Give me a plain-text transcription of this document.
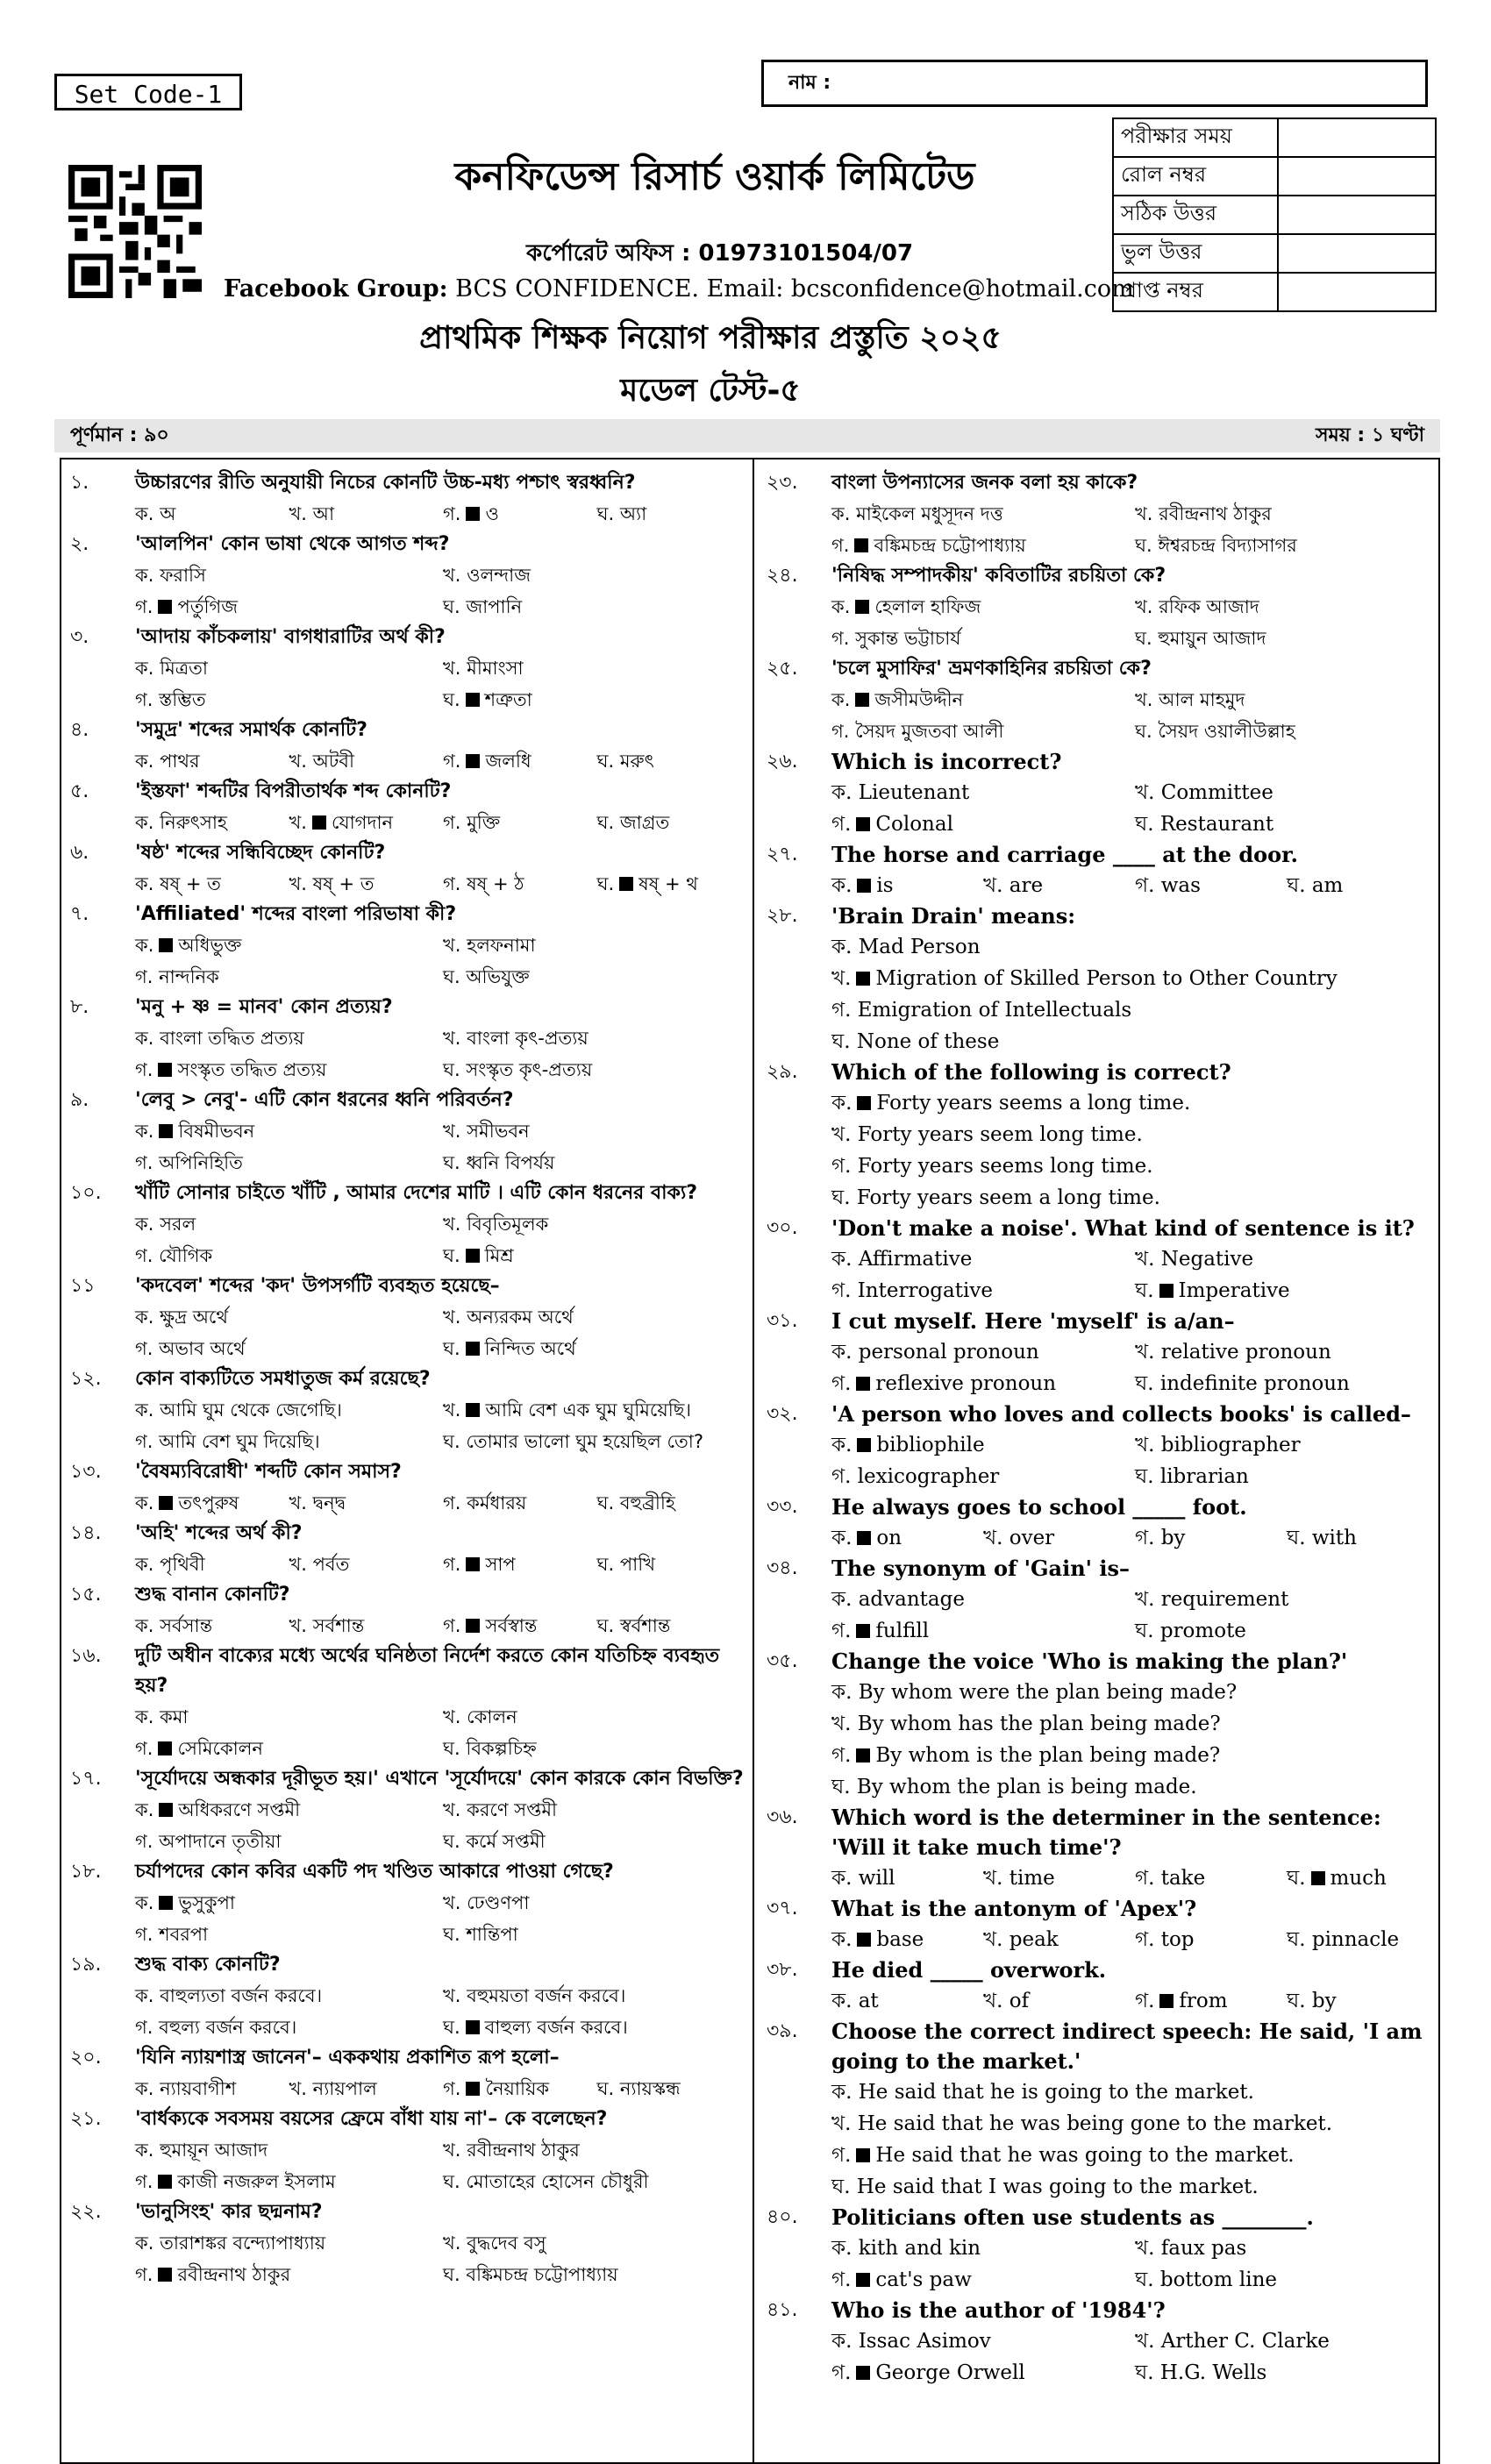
Set Code-1	নাম :
কনফিডেন্স রিসার্চ ওয়ার্ক লিমিটেড
কর্পোরেট অফিস : 01973101504/07
Facebook Group: BCS CONFIDENCE. Email: bcsconfidence@hotmail.com
প্রাথমিক শিক্ষক নিয়োগ পরীক্ষার প্রস্তুতি ২০২৫
মডেল টেস্ট-৫
পরীক্ষার সময়	
রোল নম্বর	
সঠিক উত্তর	
ভুল উত্তর	
প্রাপ্ত নম্বর	
পূর্ণমান : ৯০	সময় : ১ ঘণ্টা
১.	উচ্চারণের রীতি অনুযায়ী নিচের কোনটি উচ্চ-মধ্য পশ্চাৎ স্বরধ্বনি?
ক. অ	খ. আ	গ. ও	ঘ. অ্যা
২.	'আলপিন' কোন ভাষা থেকে আগত শব্দ?
ক. ফরাসি	খ. ওলন্দাজ
গ. পর্তুগিজ	ঘ. জাপানি
৩.	'আদায় কাঁচকলায়' বাগধারাটির অর্থ কী?
ক. মিত্রতা	খ. মীমাংসা
গ. স্তম্ভিত	ঘ. শত্রুতা
৪.	'সমুদ্র' শব্দের সমার্থক কোনটি?
ক. পাথর	খ. অটবী	গ. জলধি	ঘ. মরুৎ
৫.	'ইস্তফা' শব্দটির বিপরীতার্থক শব্দ কোনটি?
ক. নিরুৎসাহ	খ. যোগদান	গ. মুক্তি	ঘ. জাগ্রত
৬.	'ষষ্ঠ' শব্দের সন্ধিবিচ্ছেদ কোনটি?
ক. ষষ্ + ত	খ. ষষ্ + ত	গ. ষষ্ + ঠ	ঘ. ষষ্ + থ
৭.	'Affiliated' শব্দের বাংলা পরিভাষা কী?
ক. অধিভুক্ত	খ. হলফনামা
গ. নান্দনিক	ঘ. অভিযুক্ত
৮.	'মনু + ষ্ণ = মানব' কোন প্রত্যয়?
ক. বাংলা তদ্ধিত প্রত্যয়	খ. বাংলা কৃৎ-প্রত্যয়
গ. সংস্কৃত তদ্ধিত প্রত্যয়	ঘ. সংস্কৃত কৃৎ-প্রত্যয়
৯.	'লেবু > নেবু'- এটি কোন ধরনের ধ্বনি পরিবর্তন?
ক. বিষমীভবন	খ. সমীভবন
গ. অপিনিহিতি	ঘ. ধ্বনি বিপর্যয়
১০.	খাঁটি সোনার চাইতে খাঁটি , আমার দেশের মাটি । এটি কোন ধরনের বাক্য?
ক. সরল	খ. বিবৃতিমূলক
গ. যৌগিক	ঘ. মিশ্র
১১	'কদবেল' শব্দের 'কদ' উপসর্গটি ব্যবহৃত হয়েছে–
ক. ক্ষুদ্র অর্থে	খ. অন্যরকম অর্থে
গ. অভাব অর্থে	ঘ. নিন্দিত অর্থে
১২.	কোন বাক্যটিতে সমধাতুজ কর্ম রয়েছে?
ক. আমি ঘুম থেকে জেগেছি।	খ. আমি বেশ এক ঘুম ঘুমিয়েছি।
গ. আমি বেশ ঘুম দিয়েছি।	ঘ. তোমার ভালো ঘুম হয়েছিল তো?
১৩.	'বৈষম্যবিরোধী' শব্দটি কোন সমাস?
ক. তৎপুরুষ	খ. দ্বন্দ্ব	গ. কর্মধারয়	ঘ. বহুব্রীহি
১৪.	'অহি' শব্দের অর্থ কী?
ক. পৃথিবী	খ. পর্বত	গ. সাপ	ঘ. পাখি
১৫.	শুদ্ধ বানান কোনটি?
ক. সর্বসান্ত	খ. সর্বশান্ত	গ. সর্বস্বান্ত	ঘ. স্বর্বশান্ত
১৬.	দুটি অধীন বাক্যের মধ্যে অর্থের ঘনিষ্ঠতা নির্দেশ করতে কোন যতিচিহ্ন ব্যবহৃত হয়?
ক. কমা	খ. কোলন
গ. সেমিকোলন	ঘ. বিকল্পচিহ্ন
১৭.	'সূর্যোদয়ে অন্ধকার দূরীভূত হয়।' এখানে 'সূর্যোদয়ে' কোন কারকে কোন বিভক্তি?
ক. অধিকরণে সপ্তমী	খ. করণে সপ্তমী
গ. অপাদানে তৃতীয়া	ঘ. কর্মে সপ্তমী
১৮.	চর্যাপদের কোন কবির একটি পদ খণ্ডিত আকারে পাওয়া গেছে?
ক. ভুসুকুপা	খ. ঢেণ্ডণপা
গ. শবরপা	ঘ. শান্তিপা
১৯.	শুদ্ধ বাক্য কোনটি?
ক. বাহুল্যতা বর্জন করবে।	খ. বহুময়তা বর্জন করবে।
গ. বহুল্য বর্জন করবে।	ঘ. বাহুল্য বর্জন করবে।
২০.	'যিনি ন্যায়শাস্ত্র জানেন'– এককথায় প্রকাশিত রূপ হলো–
ক. ন্যায়বাগীশ	খ. ন্যায়পাল	গ. নৈয়ায়িক	ঘ. ন্যায়স্কন্ধ
২১.	'বার্ধক্যকে সবসময় বয়সের ফ্রেমে বাঁধা যায় না'– কে বলেছেন?
ক. হুমায়ূন আজাদ	খ. রবীন্দ্রনাথ ঠাকুর
গ. কাজী নজরুল ইসলাম	ঘ. মোতাহের হোসেন চৌধুরী
২২.	'ভানুসিংহ' কার ছদ্মনাম?
ক. তারাশঙ্কর বন্দ্যোপাধ্যায়	খ. বুদ্ধদেব বসু
গ. রবীন্দ্রনাথ ঠাকুর	ঘ. বঙ্কিমচন্দ্র চট্টোপাধ্যায়
২৩.	বাংলা উপন্যাসের জনক বলা হয় কাকে?
ক. মাইকেল মধুসূদন দত্ত	খ. রবীন্দ্রনাথ ঠাকুর
গ. বঙ্কিমচন্দ্র চট্টোপাধ্যায়	ঘ. ঈশ্বরচন্দ্র বিদ্যাসাগর
২৪.	'নিষিদ্ধ সম্পাদকীয়' কবিতাটির রচয়িতা কে?
ক. হেলাল হাফিজ	খ. রফিক আজাদ
গ. সুকান্ত ভট্টাচার্য	ঘ. হুমায়ুন আজাদ
২৫.	'চলে মুসাফির' ভ্রমণকাহিনির রচয়িতা কে?
ক. জসীমউদ্দীন	খ. আল মাহমুদ
গ. সৈয়দ মুজতবা আলী	ঘ. সৈয়দ ওয়ালীউল্লাহ
২৬.	Which is incorrect?
ক. Lieutenant	খ. Committee
গ. Colonal	ঘ. Restaurant
২৭.	The horse and carriage ____ at the door.
ক. is	খ. are	গ. was	ঘ. am
২৮.	'Brain Drain' means:
ক. Mad Person
খ. Migration of Skilled Person to Other Country
গ. Emigration of Intellectuals
ঘ. None of these
২৯.	Which of the following is correct?
ক. Forty years seems a long time.
খ. Forty years seem long time.
গ. Forty years seems long time.
ঘ. Forty years seem a long time.
৩০.	'Don't make a noise'. What kind of sentence is it?
ক. Affirmative	খ. Negative
গ. Interrogative	ঘ. Imperative
৩১.	I cut myself. Here 'myself' is a/an–
ক. personal pronoun	খ. relative pronoun
গ. reflexive pronoun	ঘ. indefinite pronoun
৩২.	'A person who loves and collects books' is called–
ক. bibliophile	খ. bibliographer
গ. lexicographer	ঘ. librarian
৩৩.	He always goes to school _____ foot.
ক. on	খ. over	গ. by	ঘ. with
৩৪.	The synonym of 'Gain' is–
ক. advantage	খ. requirement
গ. fulfill	ঘ. promote
৩৫.	Change the voice 'Who is making the plan?'
ক. By whom were the plan being made?
খ. By whom has the plan being made?
গ. By whom is the plan being made?
ঘ. By whom the plan is being made.
৩৬.	Which word is the determiner in the sentence: 'Will it take much time'?
ক. will	খ. time	গ. take	ঘ. much
৩৭.	What is the antonym of 'Apex'?
ক. base	খ. peak	গ. top	ঘ. pinnacle
৩৮.	He died _____ overwork.
ক. at	খ. of	গ. from	ঘ. by
৩৯.	Choose the correct indirect speech: He said, 'I am going to the market.'
ক. He said that he is going to the market.
খ. He said that he was being gone to the market.
গ. He said that he was going to the market.
ঘ. He said that I was going to the market.
৪০.	Politicians often use students as ________.
ক. kith and kin	খ. faux pas
গ. cat's paw	ঘ. bottom line
৪১.	Who is the author of '1984'?
ক. Issac Asimov	খ. Arther C. Clarke
গ. George Orwell	ঘ. H.G. Wells
